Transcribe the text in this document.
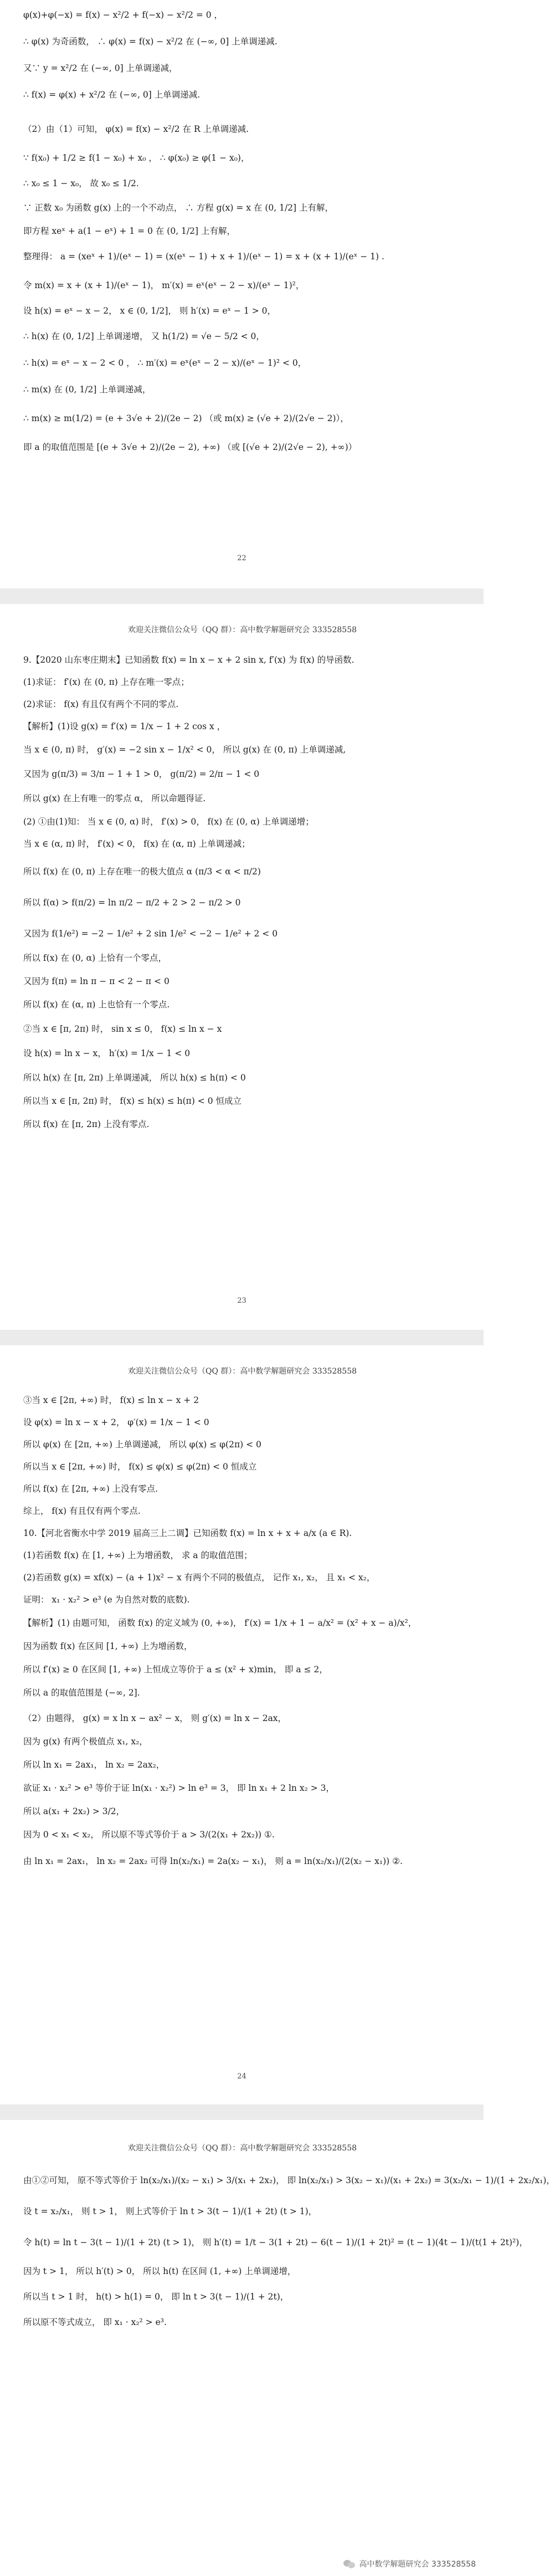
φ(x)+φ(−x) = f(x) − x²/2 + f(−x) − x²/2 = 0 ，

∴ φ(x) 为奇函数， ∴ φ(x) = f(x) − x²/2 在 (−∞, 0] 上单调递减.

又∵ y = x²/2 在 (−∞, 0] 上单调递减，

∴ f(x) = φ(x) + x²/2 在 (−∞, 0] 上单调递减.

（2）由（1）可知， φ(x) = f(x) − x²/2 在 R 上单调递减.

∵ f(x₀) + 1/2 ≥ f(1 − x₀) + x₀ ， ∴ φ(x₀) ≥ φ(1 − x₀)，

∴ x₀ ≤ 1 − x₀， 故 x₀ ≤ 1/2.

∵ 正数 x₀ 为函数 g(x) 上的一个不动点， ∴ 方程 g(x) = x 在 (0, 1/2] 上有解，

即方程 xeˣ + a(1 − eˣ) + 1 = 0 在 (0, 1/2] 上有解，

整理得： a = (xeˣ + 1)/(eˣ − 1) = (x(eˣ − 1) + x + 1)/(eˣ − 1) = x + (x + 1)/(eˣ − 1) .

令 m(x) = x + (x + 1)/(eˣ − 1)， m′(x) = eˣ(eˣ − 2 − x)/(eˣ − 1)²，

设 h(x) = eˣ − x − 2， x ∈ (0, 1/2]， 则 h′(x) = eˣ − 1 > 0，

∴ h(x) 在 (0, 1/2] 上单调递增， 又 h(1/2) = √e − 5/2 < 0，

∴ h(x) = eˣ − x − 2 < 0 ， ∴ m′(x) = eˣ(eˣ − 2 − x)/(eˣ − 1)² < 0，

∴ m(x) 在 (0, 1/2] 上单调递减，

∴ m(x) ≥ m(1/2) = (e + 3√e + 2)/(2e − 2) （或 m(x) ≥ (√e + 2)/(2√e − 2)），

即 a 的取值范围是 [(e + 3√e + 2)/(2e − 2), +∞) （或 [(√e + 2)/(2√e − 2), +∞)）

22

欢迎关注微信公众号（QQ 群）：高中数学解题研究会 333528558

9.【2020 山东枣庄期末】已知函数 f(x) = ln x − x + 2 sin x, f′(x) 为 f(x) 的导函数.

(1)求证： f′(x) 在 (0, π) 上存在唯一零点；

(2)求证： f(x) 有且仅有两个不同的零点.

【解析】(1)设 g(x) = f′(x) = 1/x − 1 + 2 cos x ，

当 x ∈ (0, π) 时， g′(x) = −2 sin x − 1/x² < 0， 所以 g(x) 在 (0, π) 上单调递减,

又因为 g(π/3) = 3/π − 1 + 1 > 0， g(π/2) = 2/π − 1 < 0

所以 g(x) 在上有唯一的零点 α， 所以命题得证.

(2) ①由(1)知： 当 x ∈ (0, α) 时， f′(x) > 0， f(x) 在 (0, α) 上单调递增；

当 x ∈ (α, π) 时， f′(x) < 0， f(x) 在 (α, π) 上单调递减；

所以 f(x) 在 (0, π) 上存在唯一的极大值点 α (π/3 < α < π/2)

所以 f(α) > f(π/2) = ln π/2 − π/2 + 2 > 2 − π/2 > 0

又因为 f(1/e²) = −2 − 1/e² + 2 sin 1/e² < −2 − 1/e² + 2 < 0

所以 f(x) 在 (0, α) 上恰有一个零点，

又因为 f(π) = ln π − π < 2 − π < 0

所以 f(x) 在 (α, π) 上也恰有一个零点.

②当 x ∈ [π, 2π) 时， sin x ≤ 0， f(x) ≤ ln x − x

设 h(x) = ln x − x， h′(x) = 1/x − 1 < 0

所以 h(x) 在 [π, 2π) 上单调递减， 所以 h(x) ≤ h(π) < 0

所以当 x ∈ [π, 2π) 时， f(x) ≤ h(x) ≤ h(π) < 0 恒成立

所以 f(x) 在 [π, 2π) 上没有零点.

23

欢迎关注微信公众号（QQ 群）：高中数学解题研究会 333528558

③当 x ∈ [2π, +∞) 时， f(x) ≤ ln x − x + 2

设 φ(x) = ln x − x + 2， φ′(x) = 1/x − 1 < 0

所以 φ(x) 在 [2π, +∞) 上单调递减， 所以 φ(x) ≤ φ(2π) < 0

所以当 x ∈ [2π, +∞) 时， f(x) ≤ φ(x) ≤ φ(2π) < 0 恒成立

所以 f(x) 在 [2π, +∞) 上没有零点.

综上， f(x) 有且仅有两个零点.

10.【河北省衡水中学 2019 届高三上二调】已知函数 f(x) = ln x + x + a/x (a ∈ R).

(1)若函数 f(x) 在 [1, +∞) 上为增函数， 求 a 的取值范围；

(2)若函数 g(x) = xf(x) − (a + 1)x² − x 有两个不同的极值点， 记作 x₁, x₂， 且 x₁ < x₂，

证明： x₁ · x₂² > e³ (e 为自然对数的底数).

【解析】(1) 由题可知， 函数 f(x) 的定义域为 (0, +∞)， f′(x) = 1/x + 1 − a/x² = (x² + x − a)/x²，

因为函数 f(x) 在区间 [1, +∞) 上为增函数，

所以 f′(x) ≥ 0 在区间 [1, +∞) 上恒成立等价于 a ≤ (x² + x)min， 即 a ≤ 2，

所以 a 的取值范围是 (−∞, 2].

（2）由题得， g(x) = x ln x − ax² − x， 则 g′(x) = ln x − 2ax，

因为 g(x) 有两个极值点 x₁, x₂，

所以 ln x₁ = 2ax₁， ln x₂ = 2ax₂，

欲证 x₁ · x₂² > e³ 等价于证 ln(x₁ · x₂²) > ln e³ = 3， 即 ln x₁ + 2 ln x₂ > 3，

所以 a(x₁ + 2x₂) > 3/2，

因为 0 < x₁ < x₂， 所以原不等式等价于 a > 3/(2(x₁ + 2x₂)) ①.

由 ln x₁ = 2ax₁， ln x₂ = 2ax₂ 可得 ln(x₂/x₁) = 2a(x₂ − x₁)， 则 a = ln(x₂/x₁)/(2(x₂ − x₁)) ②.

24

欢迎关注微信公众号（QQ 群）：高中数学解题研究会 333528558

由①②可知， 原不等式等价于 ln(x₂/x₁)/(x₂ − x₁) > 3/(x₁ + 2x₂)， 即 ln(x₂/x₁) > 3(x₂ − x₁)/(x₁ + 2x₂) = 3(x₂/x₁ − 1)/(1 + 2x₂/x₁)，

设 t = x₂/x₁， 则 t > 1， 则上式等价于 ln t > 3(t − 1)/(1 + 2t) (t > 1)，

令 h(t) = ln t − 3(t − 1)/(1 + 2t) (t > 1)， 则 h′(t) = 1/t − 3(1 + 2t) − 6(t − 1)/(1 + 2t)² = (t − 1)(4t − 1)/(t(1 + 2t)²)，

因为 t > 1， 所以 h′(t) > 0， 所以 h(t) 在区间 (1, +∞) 上单调递增，

所以当 t > 1 时， h(t) > h(1) = 0， 即 ln t > 3(t − 1)/(1 + 2t)，

所以原不等式成立， 即 x₁ · x₂² > e³.

高中数学解题研究会 333528558
